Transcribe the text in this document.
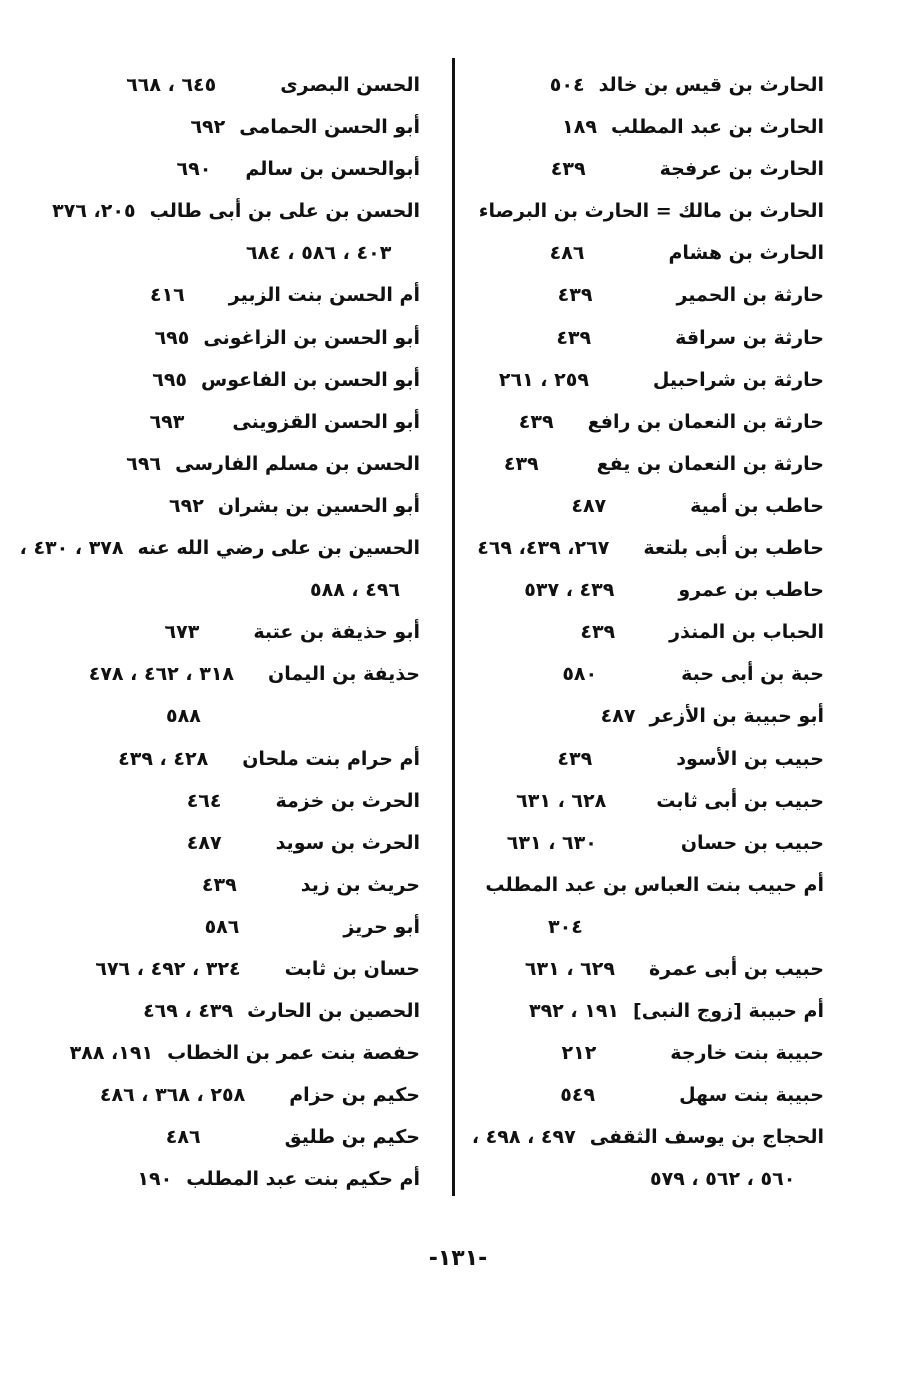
الحارث بن قيس بن خالد٥٠٤
الحارث بن عبد المطلب١٨٩
الحارث بن عرفجة٤٣٩
الحارث بن مالك = الحارث بن البرصاء
الحارث بن هشام٤٨٦
حارثة بن الحمير٤٣٩
حارثة بن سراقة٤٣٩
حارثة بن شراحبيل٢٥٩ ، ٢٦١
حارثة بن النعمان بن رافع٤٣٩
حارثة بن النعمان بن يفع٤٣٩
حاطب بن أمية٤٨٧
حاطب بن أبى بلتعة٢٦٧، ٤٣٩، ٤٦٩
حاطب بن عمرو٤٣٩ ، ٥٣٧
الحباب بن المنذر٤٣٩
حبة بن أبى حبة٥٨٠
أبو حبيبة بن الأزعر٤٨٧
حبيب بن الأسود٤٣٩
حبيب بن أبى ثابت٦٢٨ ، ٦٣١
حبيب بن حسان٦٣٠ ، ٦٣١
أم حبيب بنت العباس بن عبد المطلب
٣٠٤
حبيب بن أبى عمرة٦٢٩ ، ٦٣١
أم حبيبة [زوج النبى]١٩١ ، ٣٩٢
حبيبة بنت خارجة٢١٢
حبيبة بنت سهل٥٤٩
الحجاج بن يوسف الثقفى٤٩٧ ، ٤٩٨ ،
٥٦٠ ، ٥٦٢ ، ٥٧٩
الحسن البصرى٦٤٥ ، ٦٦٨
أبو الحسن الحمامى٦٩٢
أبوالحسن بن سالم٦٩٠
الحسن بن على بن أبى طالب٢٠٥، ٣٧٦
٤٠٣ ، ٥٨٦ ، ٦٨٤
أم الحسن بنت الزبير٤١٦
أبو الحسن بن الزاغونى٦٩٥
أبو الحسن بن الفاعوس٦٩٥
أبو الحسن القزوينى٦٩٣
الحسن بن مسلم الفارسى٦٩٦
أبو الحسين بن بشران٦٩٢
الحسين بن على رضي الله عنه٣٧٨ ، ٤٣٠ ،
٤٩٦ ، ٥٨٨
أبو حذيفة بن عتبة٦٧٣
حذيفة بن اليمان٣١٨ ، ٤٦٢ ، ٤٧٨
٥٨٨
أم حرام بنت ملحان٤٢٨ ، ٤٣٩
الحرث بن خزمة٤٦٤
الحرث بن سويد٤٨٧
حريث بن زيد٤٣٩
أبو حريز٥٨٦
حسان بن ثابت٣٢٤ ، ٤٩٢ ، ٦٧٦
الحصين بن الحارث٤٣٩ ، ٤٦٩
حفصة بنت عمر بن الخطاب١٩١، ٣٨٨
حكيم بن حزام٢٥٨ ، ٣٦٨ ، ٤٨٦
حكيم بن طليق٤٨٦
أم حكيم بنت عبد المطلب١٩٠
-١٣١-
